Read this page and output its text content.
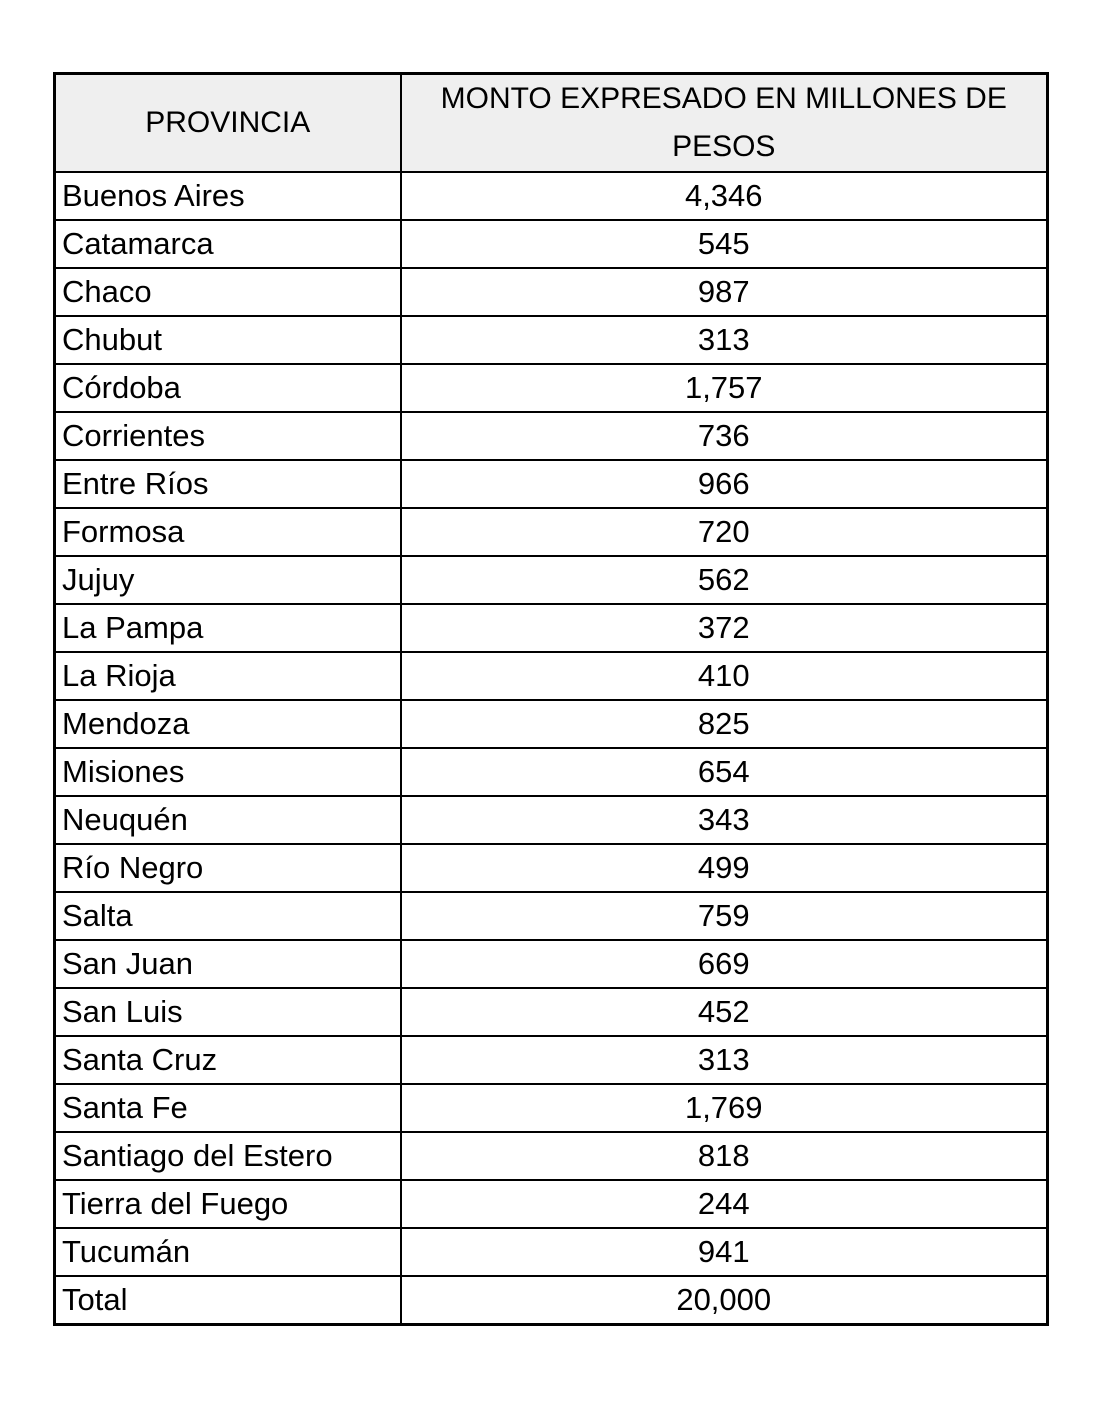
PROVINCIA	MONTO EXPRESADO EN MILLONES DE PESOS
Buenos Aires	4,346
Catamarca	545
Chaco	987
Chubut	313
Córdoba	1,757
Corrientes	736
Entre Ríos	966
Formosa	720
Jujuy	562
La Pampa	372
La Rioja	410
Mendoza	825
Misiones	654
Neuquén	343
Río Negro	499
Salta	759
San Juan	669
San Luis	452
Santa Cruz	313
Santa Fe	1,769
Santiago del Estero	818
Tierra del Fuego	244
Tucumán	941
Total	20,000
